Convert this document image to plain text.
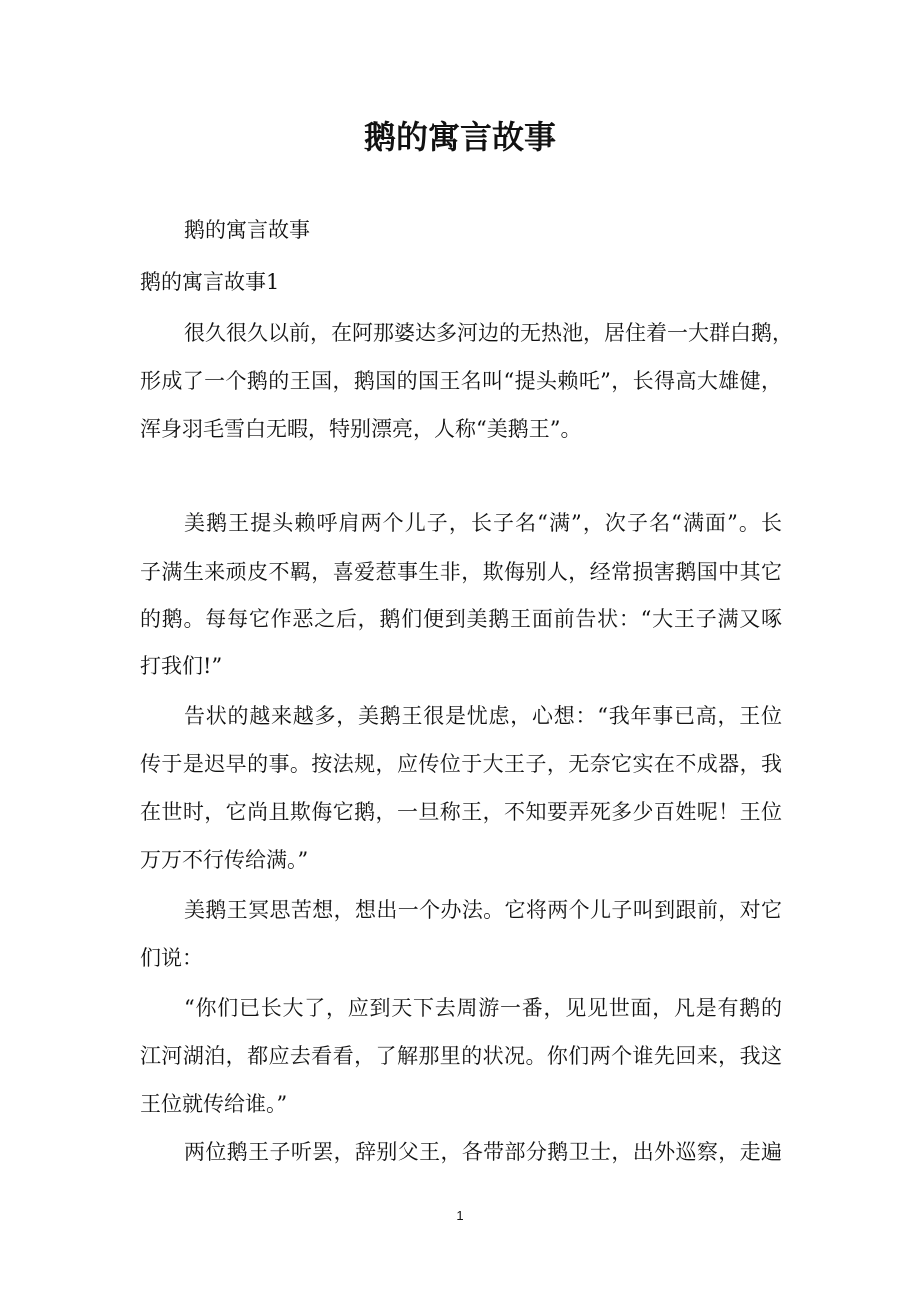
鹅的寓言故事
鹅的寓言故事
鹅的寓言故事1
很久很久以前，在阿那婆达多河边的无热池，居住着一大群白鹅，
形成了一个鹅的王国，鹅国的国王名叫“提头赖吒”，长得高大雄健，
浑身羽毛雪白无暇，特别漂亮，人称“美鹅王”。
美鹅王提头赖呼肩两个儿子，长子名“满”，次子名“满面”。长
子满生来顽皮不羁，喜爱惹事生非，欺侮别人，经常损害鹅国中其它
的鹅。每每它作恶之后，鹅们便到美鹅王面前告状：“大王子满又啄
打我们!”
告状的越来越多，美鹅王很是忧虑，心想：“我年事已高，王位
传于是迟早的事。按法规，应传位于大王子，无奈它实在不成器，我
在世时，它尚且欺侮它鹅，一旦称王，不知要弄死多少百姓呢！王位
万万不行传给满。”
美鹅王冥思苦想，想出一个办法。它将两个儿子叫到跟前，对它
们说：
“你们已长大了，应到天下去周游一番，见见世面，凡是有鹅的
江河湖泊，都应去看看，了解那里的状况。你们两个谁先回来，我这
王位就传给谁。”
两位鹅王子听罢，辞别父王，各带部分鹅卫士，出外巡察，走遍
1
